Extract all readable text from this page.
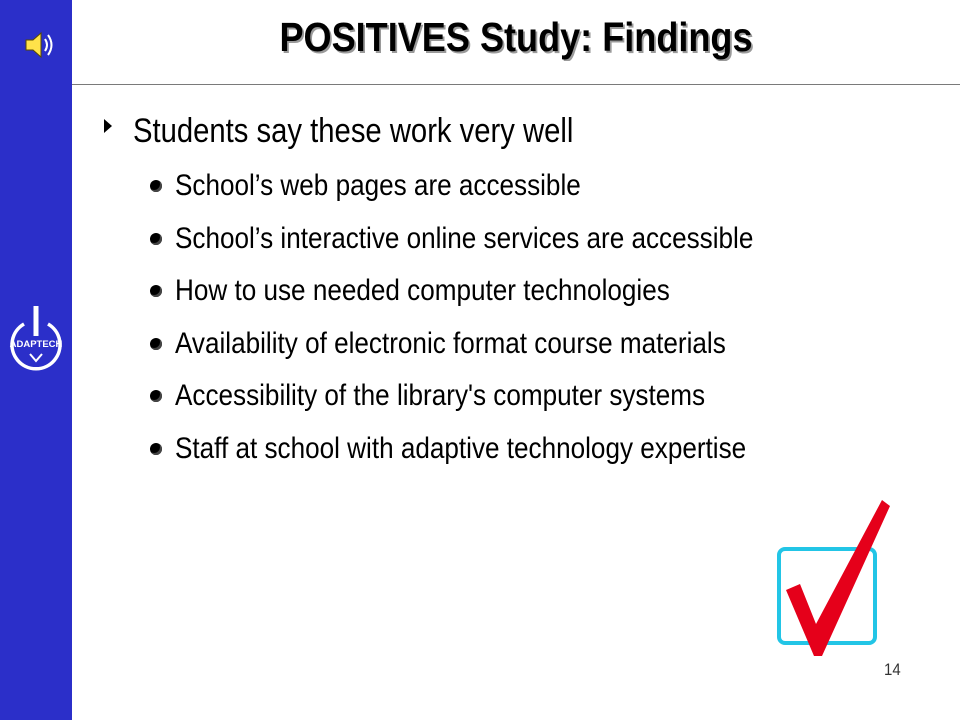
ADAPTECH
POSITIVES Study: Findings
Students say these work very well
School’s web pages are accessible
School’s interactive online services are accessible
How to use needed computer technologies
Availability of electronic format course materials
Accessibility of the library's computer systems
Staff at school with adaptive technology expertise
14
